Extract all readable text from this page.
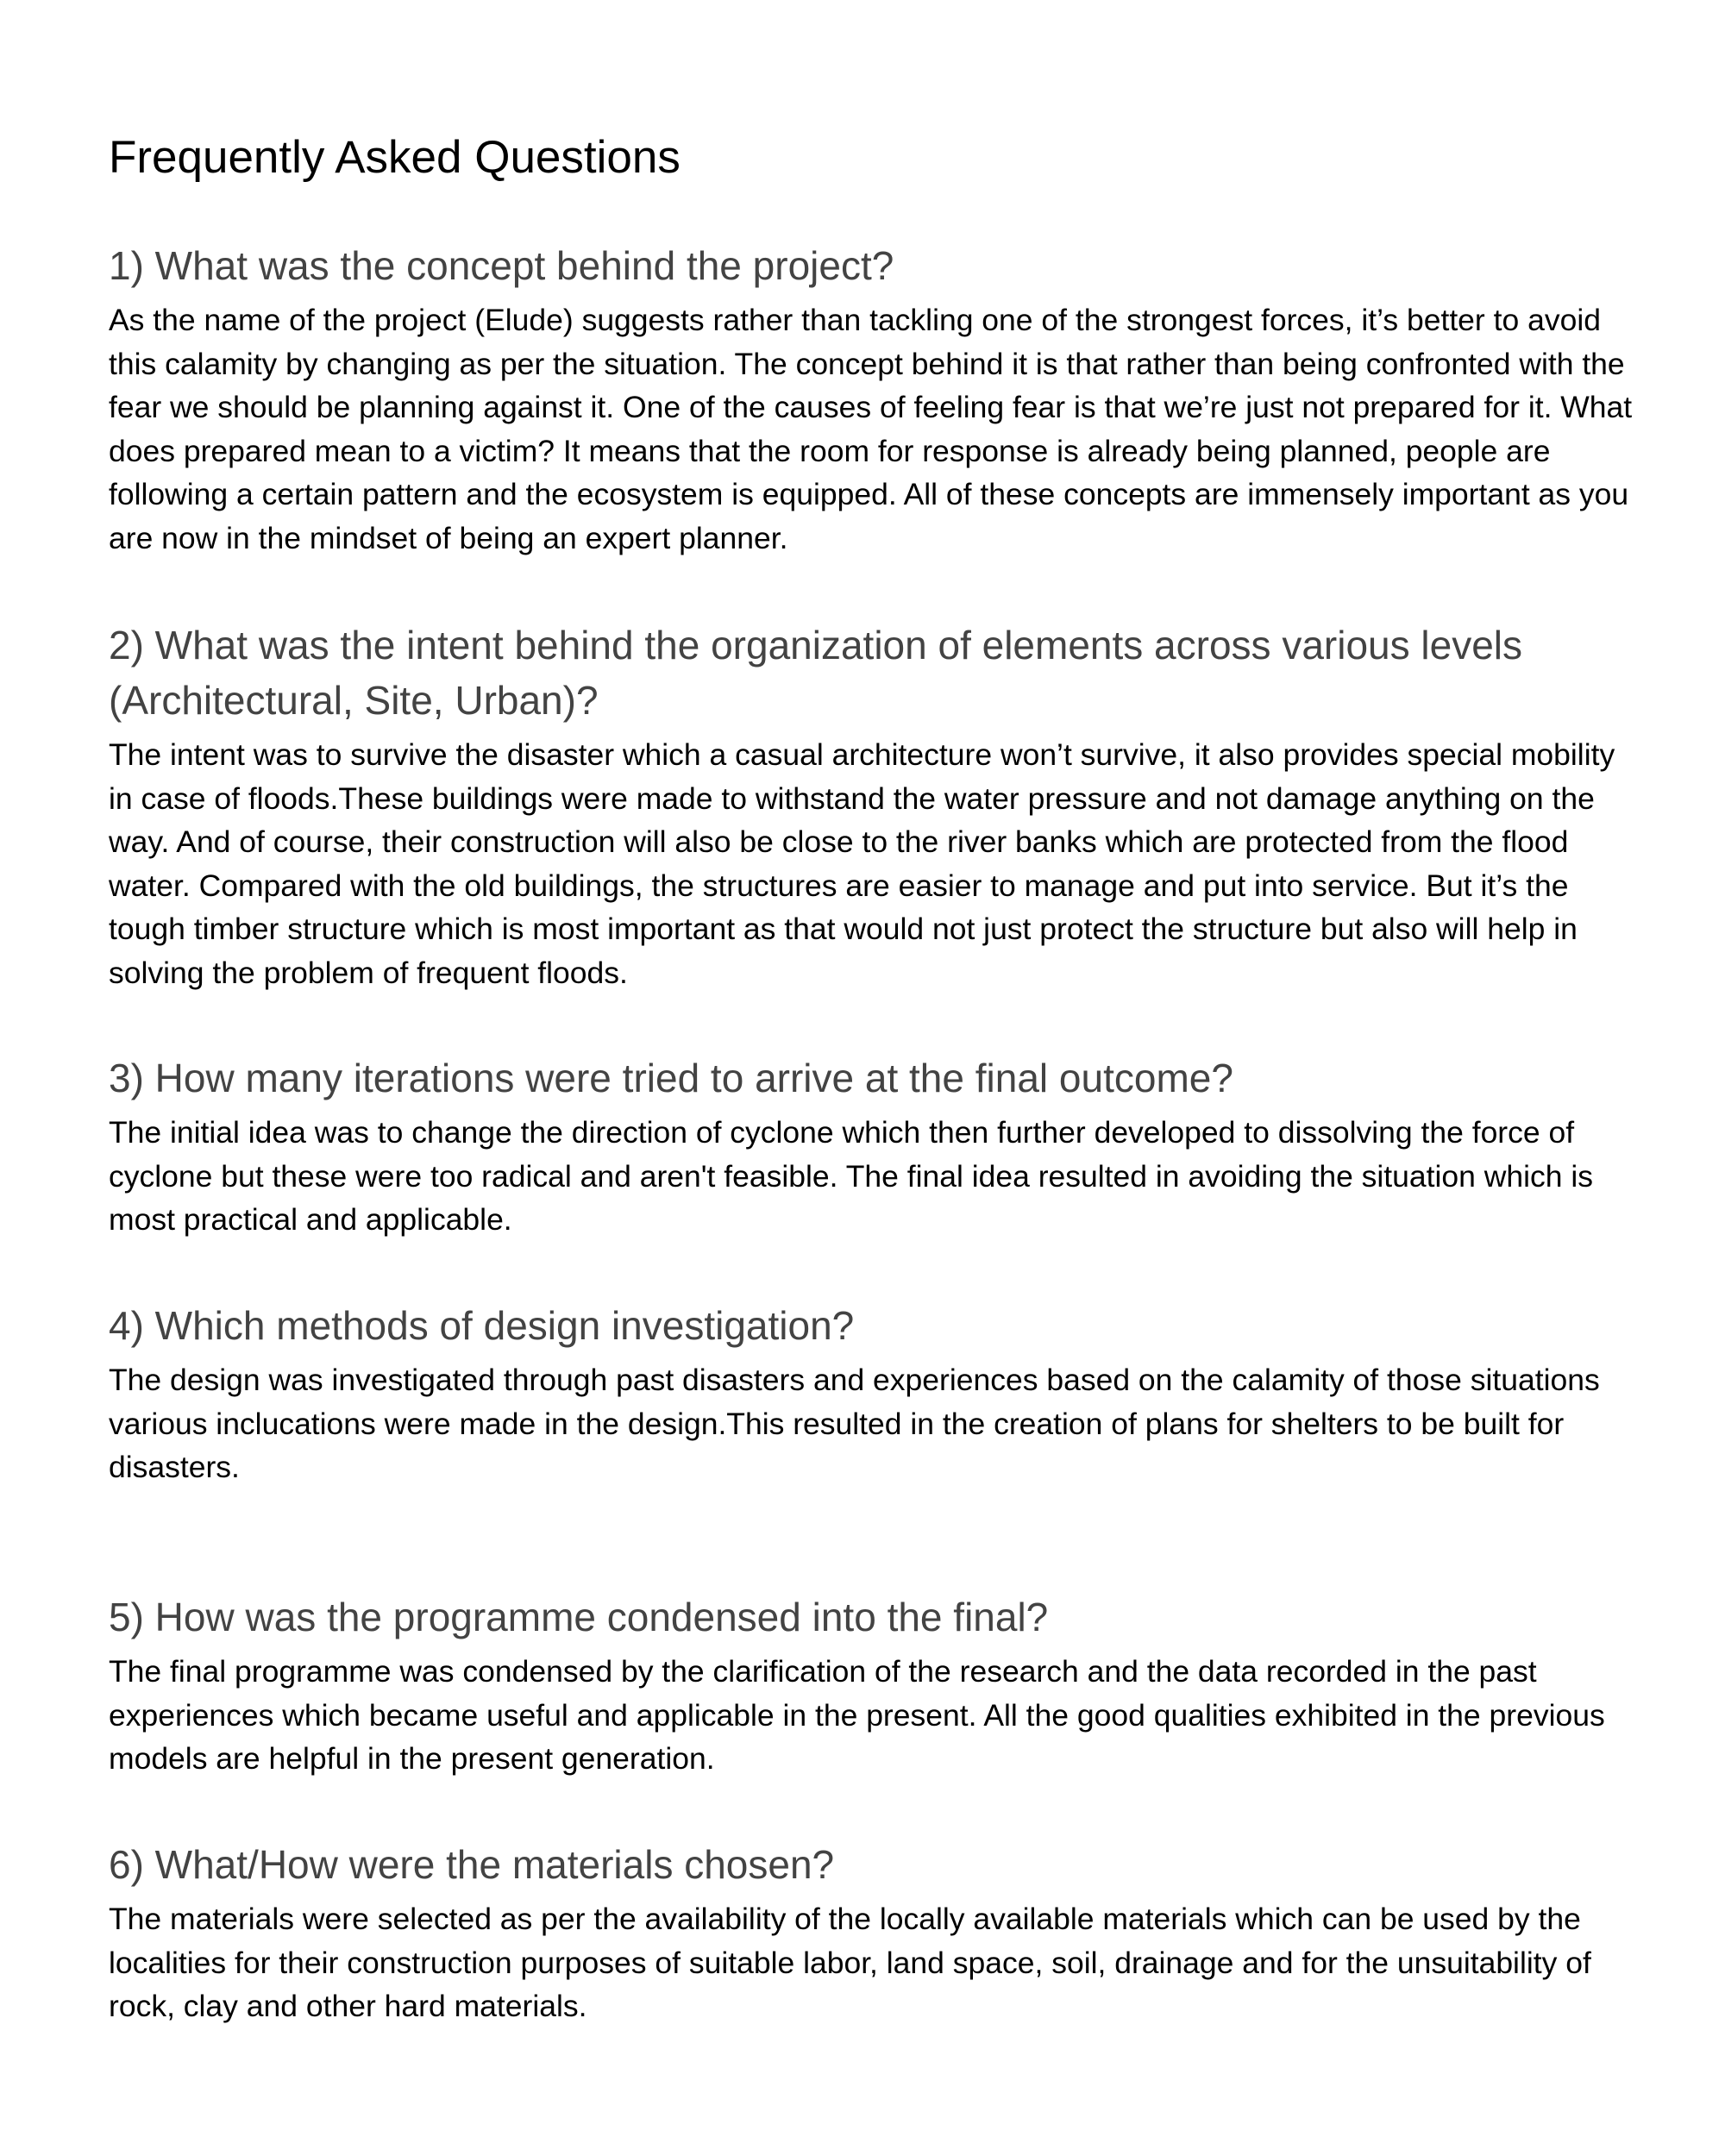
Frequently Asked Questions
1) What was the concept behind the project?

As the name of the project (Elude) suggests rather than tackling one of the strongest forces, it’s better to avoid this calamity by changing as per the situation. The concept behind it is that rather than being confronted with the fear we should be planning against it. One of the causes of feeling fear is that we’re just not prepared for it. What does prepared mean to a victim? It means that the room for response is already being planned, people are following a certain pattern and the ecosystem is equipped. All of these concepts are immensely important as you are now in the mindset of being an expert planner.

2) What was the intent behind the organization of elements across various levels (Architectural, Site, Urban)?

The intent was to survive the disaster which a casual architecture won’t survive, it also provides special mobility in case of floods.These buildings were made to withstand the water pressure and not damage anything on the way. And of course, their construction will also be close to the river banks which are protected from the flood water. Compared with the old buildings, the structures are easier to manage and put into service. But it’s the tough timber structure which is most important as that would not just protect the structure but also will help in solving the problem of frequent floods.

3) How many iterations were tried to arrive at the final outcome?

The initial idea was to change the direction of cyclone which then further developed to dissolving the force of cyclone but these were too radical and aren't feasible. The final idea resulted in avoiding the situation which is most practical and applicable.

4) Which methods of design investigation?

The design was investigated through past disasters and experiences based on the calamity of those situations various inclucations were made in the design.This resulted in the creation of plans for shelters to be built for disasters.

5) How was the programme condensed into the final?

The final programme was condensed by the clarification of the research and the data recorded in the past experiences which became useful and applicable in the present. All the good qualities exhibited in the previous models are helpful in the present generation.

6) What/How were the materials chosen?

The materials were selected as per the availability of the locally available materials which can be used by the localities for their construction purposes of suitable labor, land space, soil, drainage and for the unsuitability of rock, clay and other hard materials.
